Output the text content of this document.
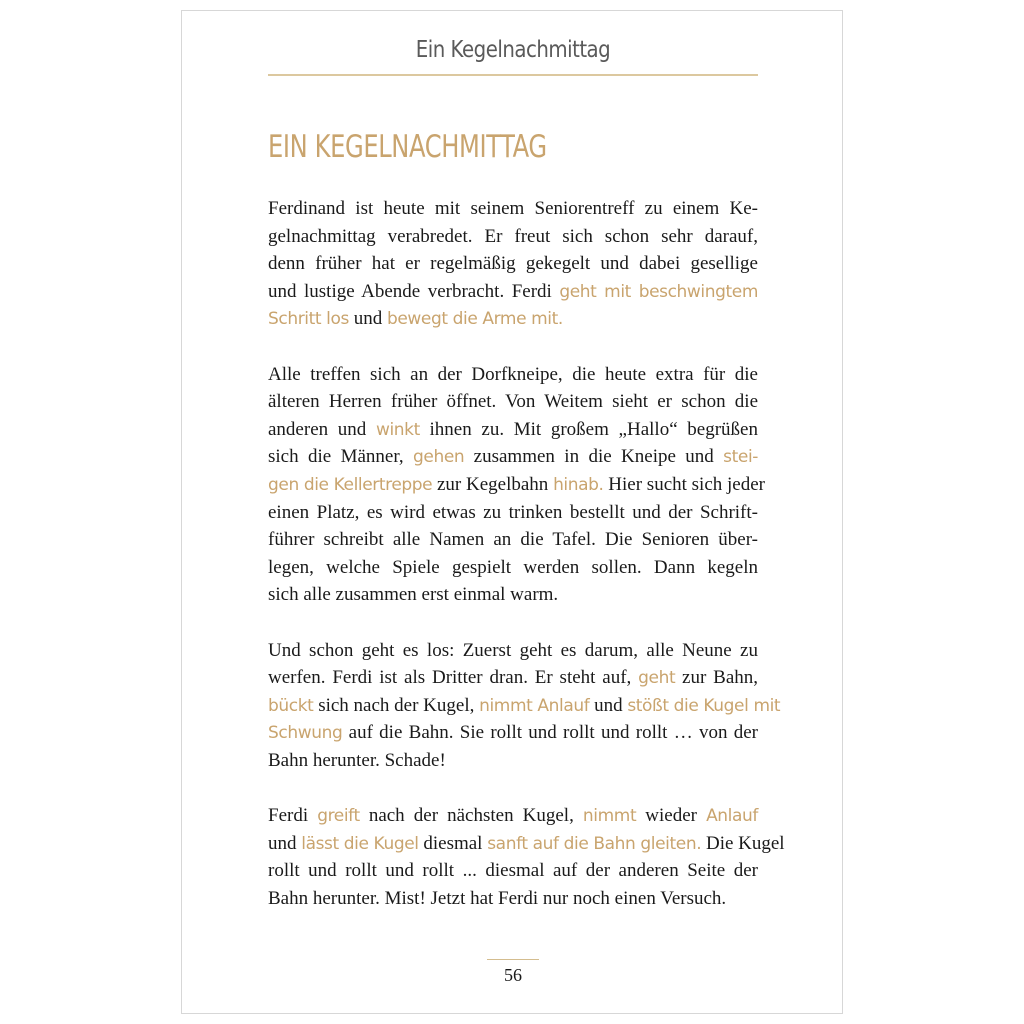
Ein Kegelnachmittag
EIN KEGELNACHMITTAG
Ferdinand ist heute mit seinem Seniorentreff zu einem Ke-
gelnachmittag verabredet. Er freut sich schon sehr darauf,
denn früher hat er regelmäßig gekegelt und dabei gesellige
und lustige Abende verbracht. Ferdi geht mit beschwingtem
Schritt los und bewegt die Arme mit.
Alle treffen sich an der Dorfkneipe, die heute extra für die
älteren Herren früher öffnet. Von Weitem sieht er schon die
anderen und winkt ihnen zu. Mit großem „Hallo“ begrüßen
sich die Männer, gehen zusammen in die Kneipe und stei-
gen die Kellertreppe zur Kegelbahn hinab. Hier sucht sich jeder
einen Platz, es wird etwas zu trinken bestellt und der Schrift-
führer schreibt alle Namen an die Tafel. Die Senioren über-
legen, welche Spiele gespielt werden sollen. Dann kegeln
sich alle zusammen erst einmal warm.
Und schon geht es los: Zuerst geht es darum, alle Neune zu
werfen. Ferdi ist als Dritter dran. Er steht auf, geht zur Bahn,
bückt sich nach der Kugel, nimmt Anlauf und stößt die Kugel mit
Schwung auf die Bahn. Sie rollt und rollt und rollt … von der
Bahn herunter. Schade!
Ferdi greift nach der nächsten Kugel, nimmt wieder Anlauf
und lässt die Kugel diesmal sanft auf die Bahn gleiten. Die Kugel
rollt und rollt und rollt ... diesmal auf der anderen Seite der
Bahn herunter. Mist! Jetzt hat Ferdi nur noch einen Versuch.
56
